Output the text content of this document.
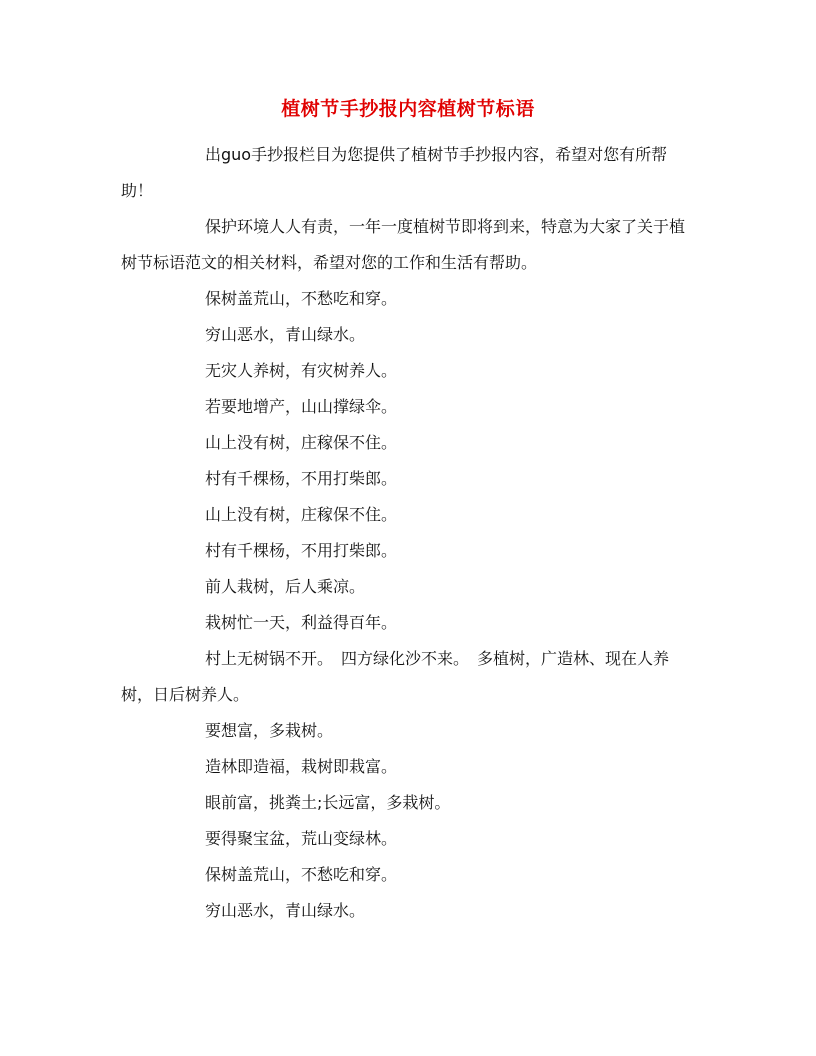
植树节手抄报内容植树节标语

出guo手抄报栏目为您提供了植树节手抄报内容，希望对您有所帮助！

保护环境人人有责，一年一度植树节即将到来，特意为大家了关于植树节标语范文的相关材料，希望对您的工作和生活有帮助。

保树盖荒山，不愁吃和穿。

穷山恶水，青山绿水。

无灾人养树，有灾树养人。

若要地增产，山山撑绿伞。

山上没有树，庄稼保不住。

村有千棵杨，不用打柴郎。

山上没有树，庄稼保不住。

村有千棵杨，不用打柴郎。

前人栽树，后人乘凉。

栽树忙一天，利益得百年。

村上无树锅不开。　四方绿化沙不来。　多植树，广造林、现在人养树，日后树养人。

要想富，多栽树。

造林即造福，栽树即栽富。

眼前富，挑粪土;长远富，多栽树。

要得聚宝盆，荒山变绿林。

保树盖荒山，不愁吃和穿。

穷山恶水，青山绿水。
